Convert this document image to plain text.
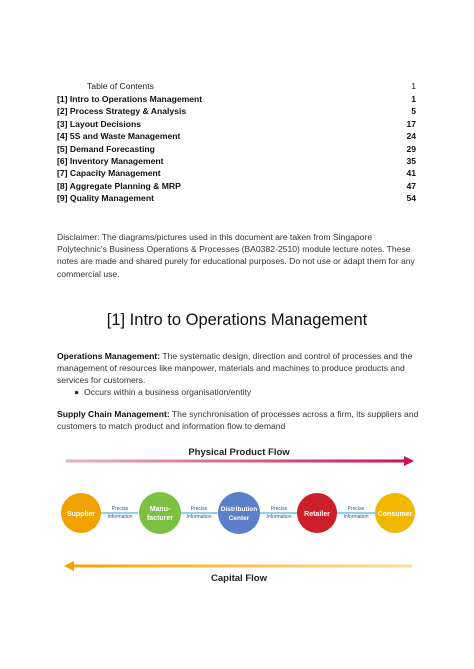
Table of Contents	1
[1] Intro to Operations Management	1
[2] Process Strategy & Analysis	5
[3] Layout Decisions	17
[4] 5S and Waste Management	24
[5] Demand Forecasting	29
[6] Inventory Management	35
[7] Capacity Management	41
[8] Aggregate Planning & MRP	47
[9] Quality Management	54
Disclaimer: The diagrams/pictures used in this document are taken from Singapore Polytechnic's Business Operations & Processes (BA0382-2510) module lecture notes. These notes are made and shared purely for educational purposes. Do not use or adapt them for any commercial use.
[1] Intro to Operations Management
Operations Management: The systematic design, direction and control of processes and the management of resources like manpower, materials and machines to produce products and services for customers.
● Occurs within a business organisation/entity
Supply Chain Management: The synchronisation of processes across a firm, its suppliers and customers to match product and information flow to demand
Physical Product Flow
Precise
Information
Precise
Information
Precise
Information
Precise
Information
Supplier
Manu-
facturer
Distribution
Center
Retailer	Consumer
Capital Flow
